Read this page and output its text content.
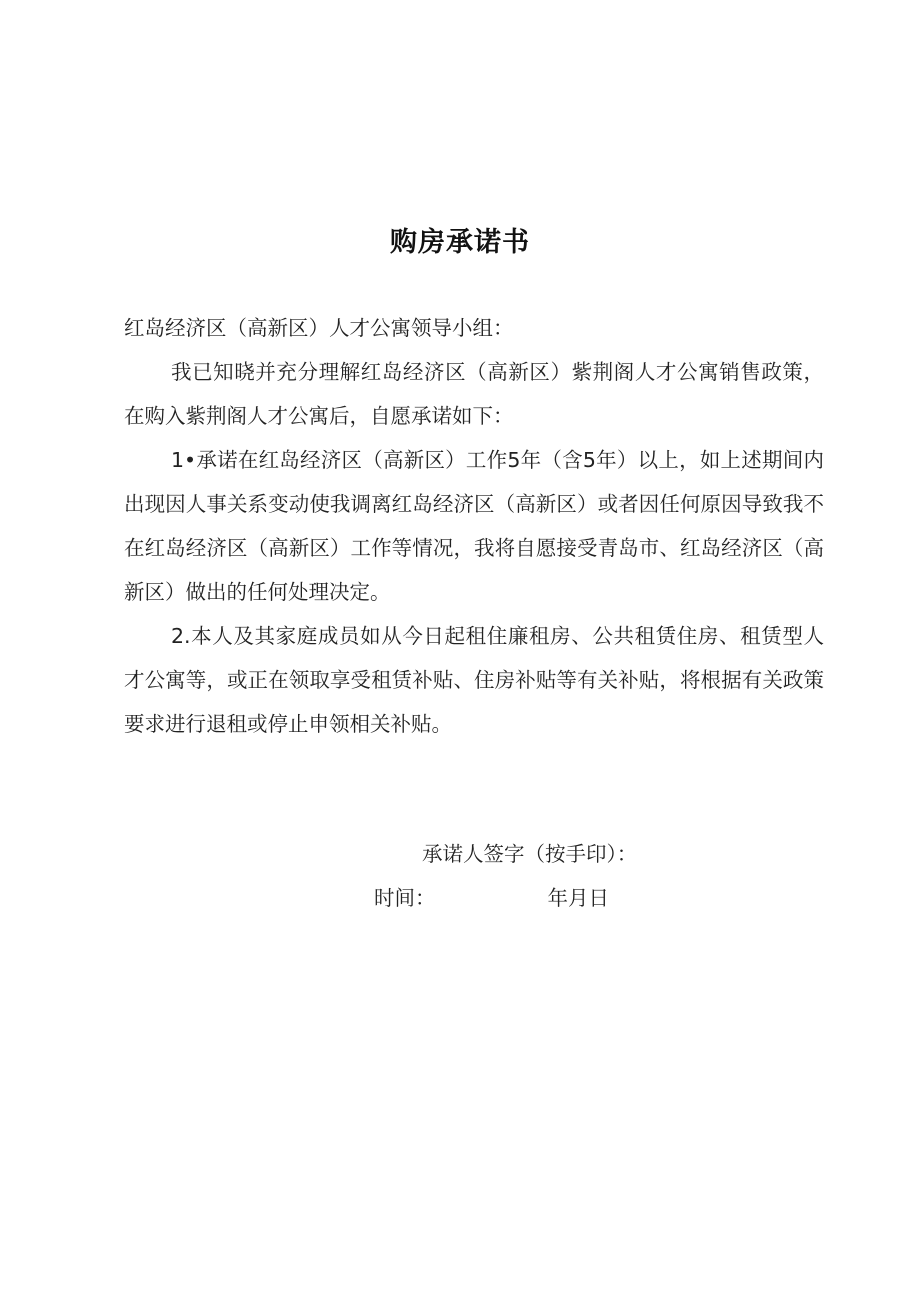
购房承诺书
红岛经济区（高新区）人才公寓领导小组：

我已知晓并充分理解红岛经济区（高新区）紫荆阁人才公寓销售政策，在购入紫荆阁人才公寓后，自愿承诺如下：

1•承诺在红岛经济区（高新区）工作5年（含5年）以上，如上述期间内出现因人事关系变动使我调离红岛经济区（高新区）或者因任何原因导致我不在红岛经济区（高新区）工作等情况，我将自愿接受青岛市、红岛经济区（高新区）做出的任何处理决定。

2.本人及其家庭成员如从今日起租住廉租房、公共租赁住房、租赁型人才公寓等，或正在领取享受租赁补贴、住房补贴等有关补贴，将根据有关政策要求进行退租或停止申领相关补贴。

承诺人签字（按手印）：
时间：	年月日
